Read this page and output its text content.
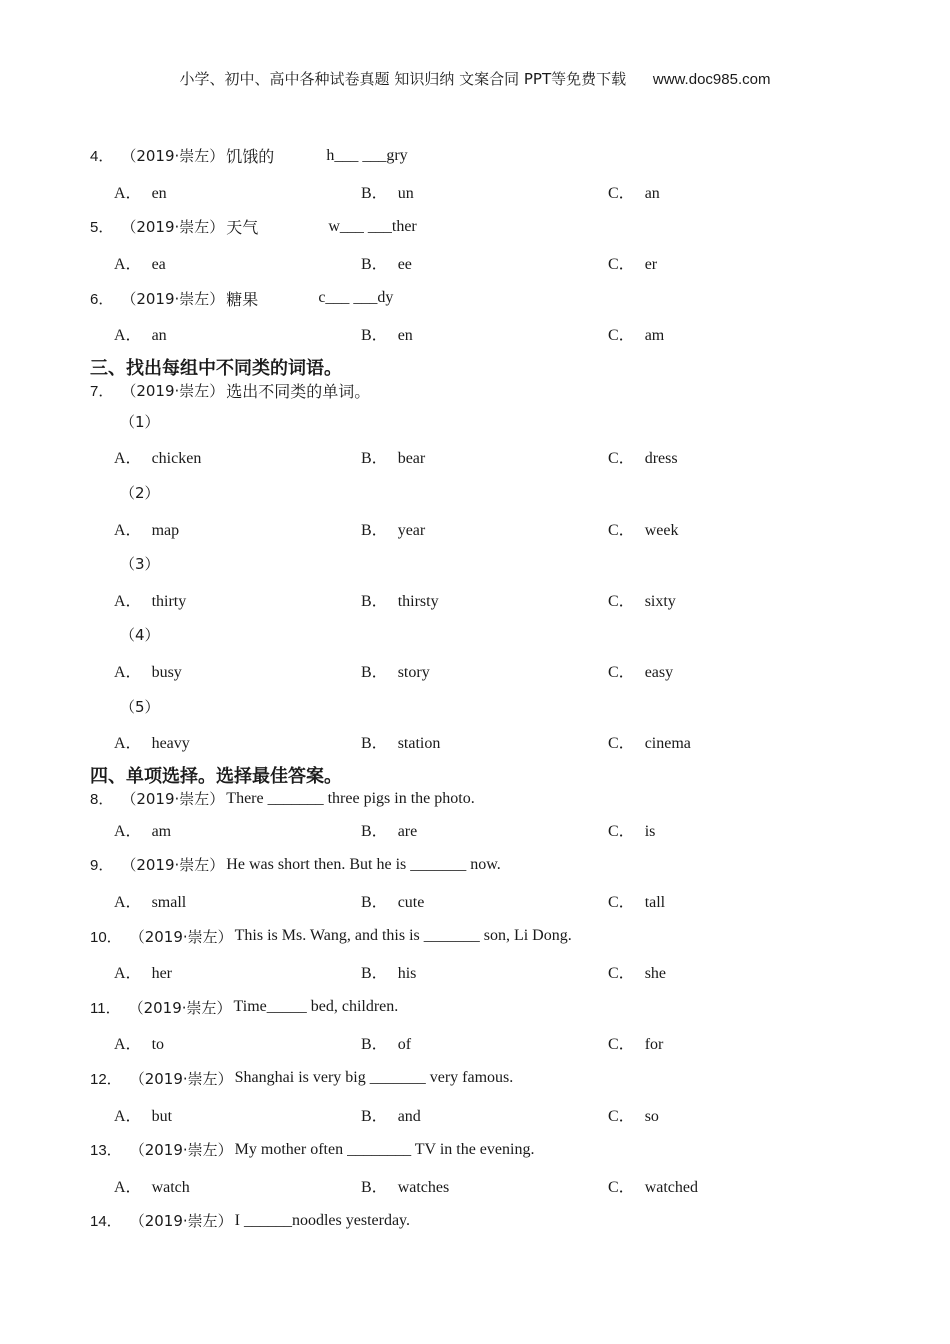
小学、初中、高中各种试卷真题 知识归纳 文案合同 PPT等免费下载 www.doc985.com
4． （2019·崇左） 饥饿的	h___ ___gry
A． en	B． un	C． an
5． （2019·崇左） 天气	w___ ___ther
A． ea	B． ee	C． er
6． （2019·崇左） 糖果	c___ ___dy
A． an	B． en	C． am
三、找出每组中不同类的词语。
7． （2019·崇左） 选出不同类的单词。
（1）
A． chicken	B． bear	C． dress
（2）
A． map	B． year	C． week
（3）
A． thirty	B． thirsty	C． sixty
（4）
A． busy	B． story	C． easy
（5）
A． heavy	B． station	C． cinema
四、单项选择。选择最佳答案。
8． （2019·崇左） There _______ three pigs in the photo.
A． am	B． are	C． is
9． （2019·崇左） He was short then. But he is _______ now.
A． small	B． cute	C． tall
10． （2019·崇左） This is Ms. Wang, and this is _______ son, Li Dong.
A． her	B． his	C． she
11． （2019·崇左） Time_____ bed, children.
A． to	B． of	C． for
12． （2019·崇左） Shanghai is very big _______ very famous.
A． but	B． and	C． so
13． （2019·崇左） My mother often ________ TV in the evening.
A． watch	B． watches	C． watched
14． （2019·崇左） I ______noodles yesterday.
